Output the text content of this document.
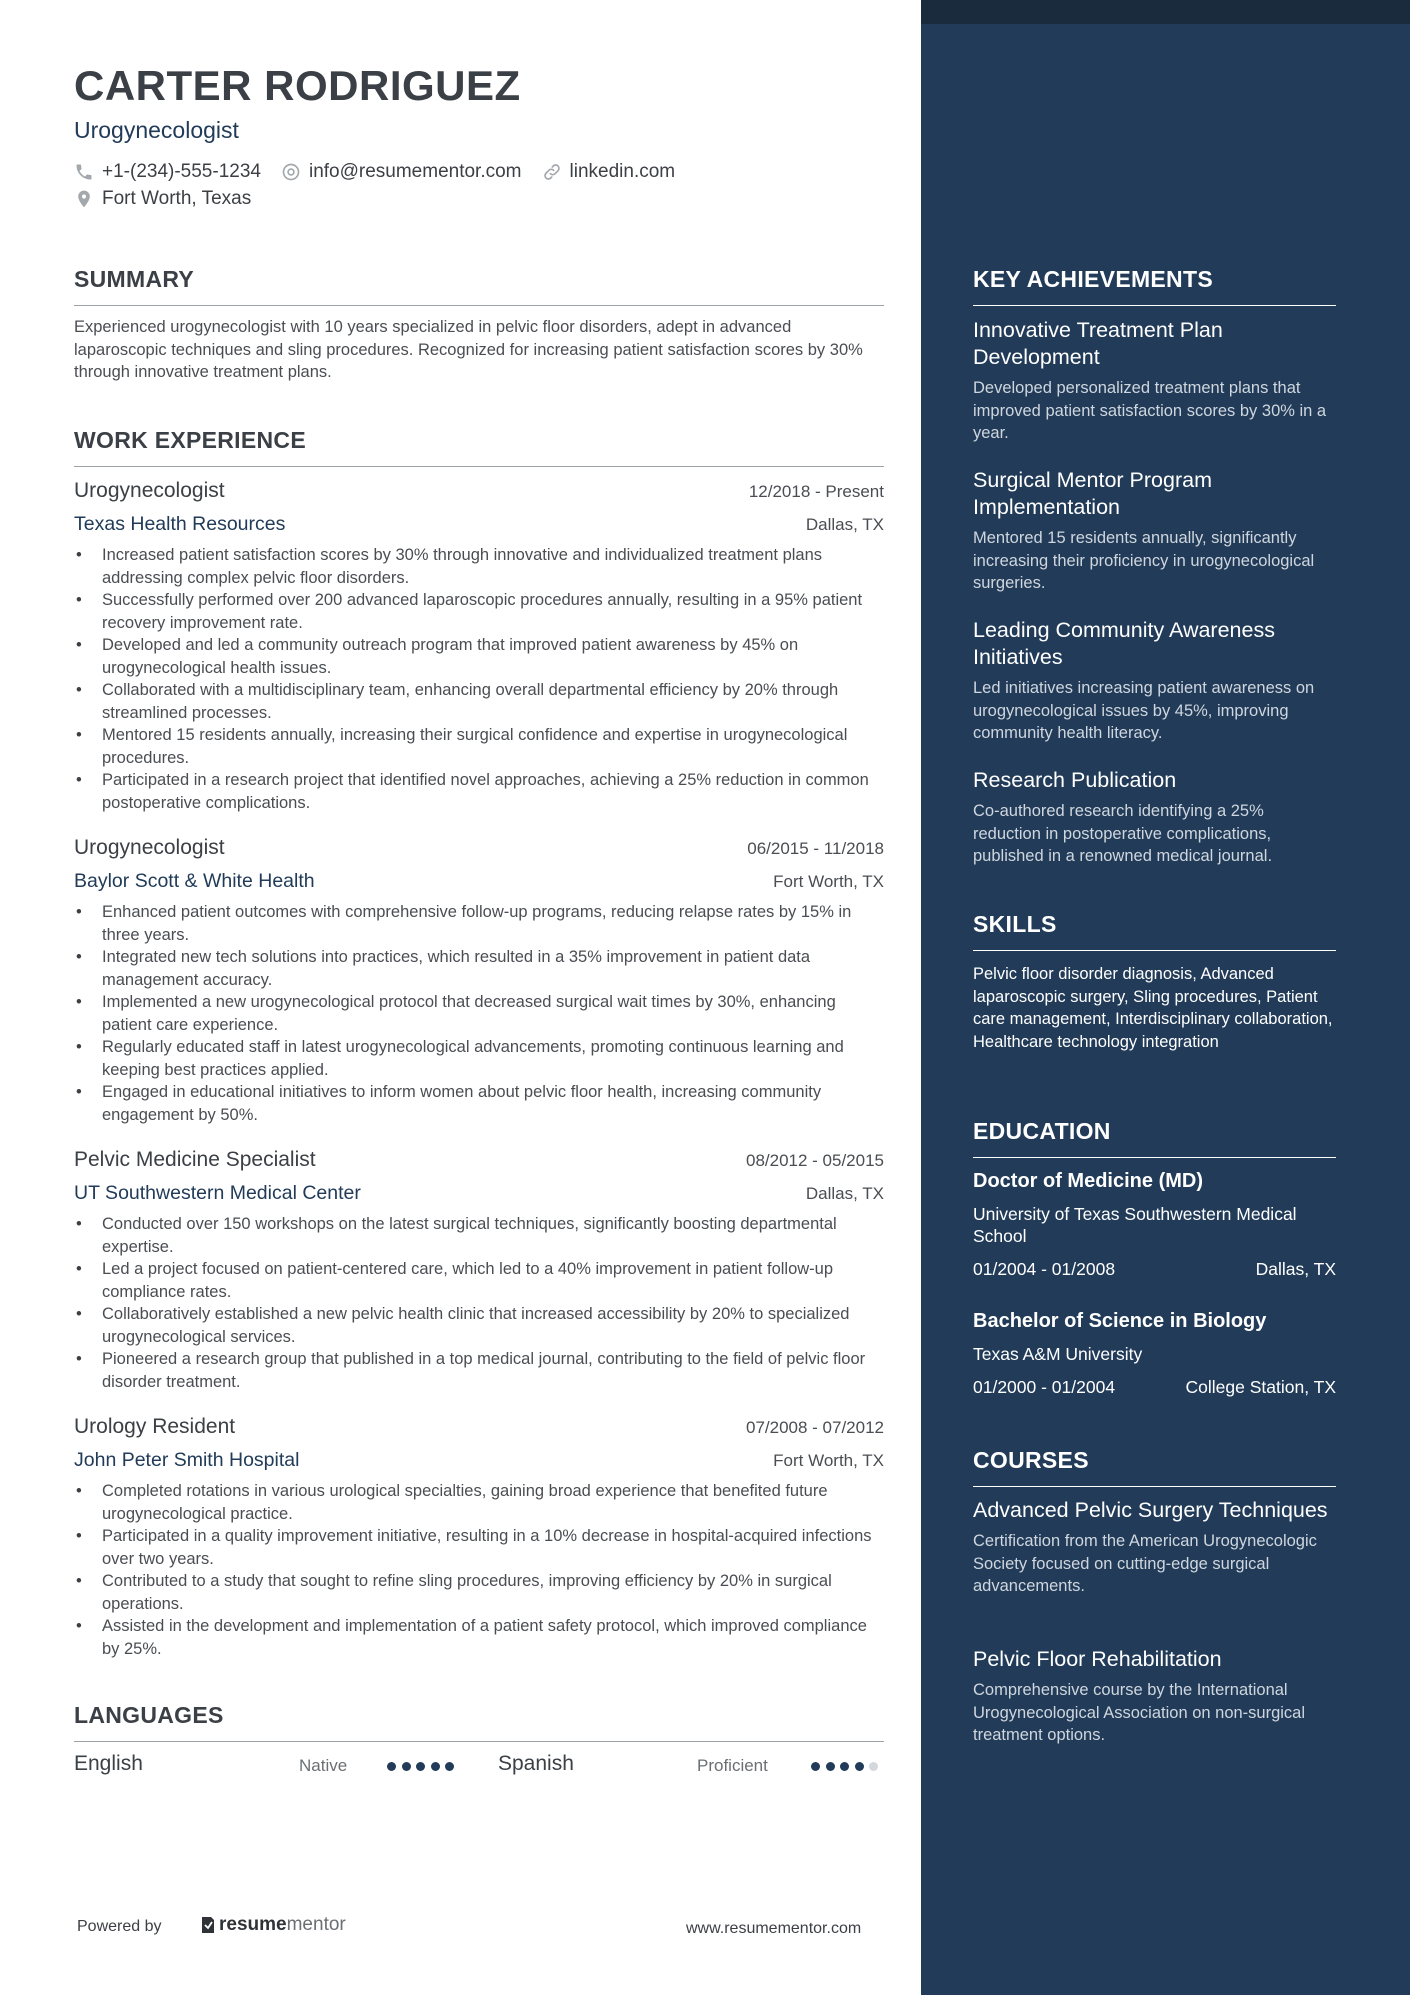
CARTER RODRIGUEZ
Urogynecologist
+1-(234)-555-1234	info@resumementor.com	linkedin.com
Fort Worth, Texas
SUMMARY

Experienced urogynecologist with 10 years specialized in pelvic floor disorders, adept in advanced laparoscopic techniques and sling procedures. Recognized for increasing patient satisfaction scores by 30% through innovative treatment plans.

WORK EXPERIENCE
Urogynecologist	12/2018 - Present
Texas Health Resources	Dallas, TX
• Increased patient satisfaction scores by 30% through innovative and individualized treatment plans addressing complex pelvic floor disorders.
• Successfully performed over 200 advanced laparoscopic procedures annually, resulting in a 95% patient recovery improvement rate.
• Developed and led a community outreach program that improved patient awareness by 45% on urogynecological health issues.
• Collaborated with a multidisciplinary team, enhancing overall departmental efficiency by 20% through streamlined processes.
• Mentored 15 residents annually, increasing their surgical confidence and expertise in urogynecological procedures.
• Participated in a research project that identified novel approaches, achieving a 25% reduction in common postoperative complications.
Urogynecologist	06/2015 - 11/2018
Baylor Scott & White Health	Fort Worth, TX
• Enhanced patient outcomes with comprehensive follow-up programs, reducing relapse rates by 15% in three years.
• Integrated new tech solutions into practices, which resulted in a 35% improvement in patient data management accuracy.
• Implemented a new urogynecological protocol that decreased surgical wait times by 30%, enhancing patient care experience.
• Regularly educated staff in latest urogynecological advancements, promoting continuous learning and keeping best practices applied.
• Engaged in educational initiatives to inform women about pelvic floor health, increasing community engagement by 50%.
Pelvic Medicine Specialist	08/2012 - 05/2015
UT Southwestern Medical Center	Dallas, TX
• Conducted over 150 workshops on the latest surgical techniques, significantly boosting departmental expertise.
• Led a project focused on patient-centered care, which led to a 40% improvement in patient follow-up compliance rates.
• Collaboratively established a new pelvic health clinic that increased accessibility by 20% to specialized urogynecological services.
• Pioneered a research group that published in a top medical journal, contributing to the field of pelvic floor disorder treatment.
Urology Resident	07/2008 - 07/2012
John Peter Smith Hospital	Fort Worth, TX
• Completed rotations in various urological specialties, gaining broad experience that benefited future urogynecological practice.
• Participated in a quality improvement initiative, resulting in a 10% decrease in hospital-acquired infections over two years.
• Contributed to a study that sought to refine sling procedures, improving efficiency by 20% in surgical operations.
• Assisted in the development and implementation of a patient safety protocol, which improved compliance by 25%.
LANGUAGES
English	Native	Spanish	Proficient
Powered by	resume mentor	www.resumementor.com
KEY ACHIEVEMENTS

Innovative Treatment Plan Development

Developed personalized treatment plans that improved patient satisfaction scores by 30% in a year.

Surgical Mentor Program Implementation

Mentored 15 residents annually, significantly increasing their proficiency in urogynecological surgeries.

Leading Community Awareness Initiatives

Led initiatives increasing patient awareness on urogynecological issues by 45%, improving community health literacy.

Research Publication

Co-authored research identifying a 25% reduction in postoperative complications, published in a renowned medical journal.

SKILLS

Pelvic floor disorder diagnosis, Advanced laparoscopic surgery, Sling procedures, Patient care management, Interdisciplinary collaboration, Healthcare technology integration

EDUCATION

Doctor of Medicine (MD)

University of Texas Southwestern Medical School

01/2004 - 01/2008	Dallas, TX

Bachelor of Science in Biology

Texas A&M University

01/2000 - 01/2004	College Station, TX
COURSES

Advanced Pelvic Surgery Techniques

Certification from the American Urogynecologic Society focused on cutting-edge surgical advancements.

Pelvic Floor Rehabilitation

Comprehensive course by the International Urogynecological Association on non-surgical treatment options.
